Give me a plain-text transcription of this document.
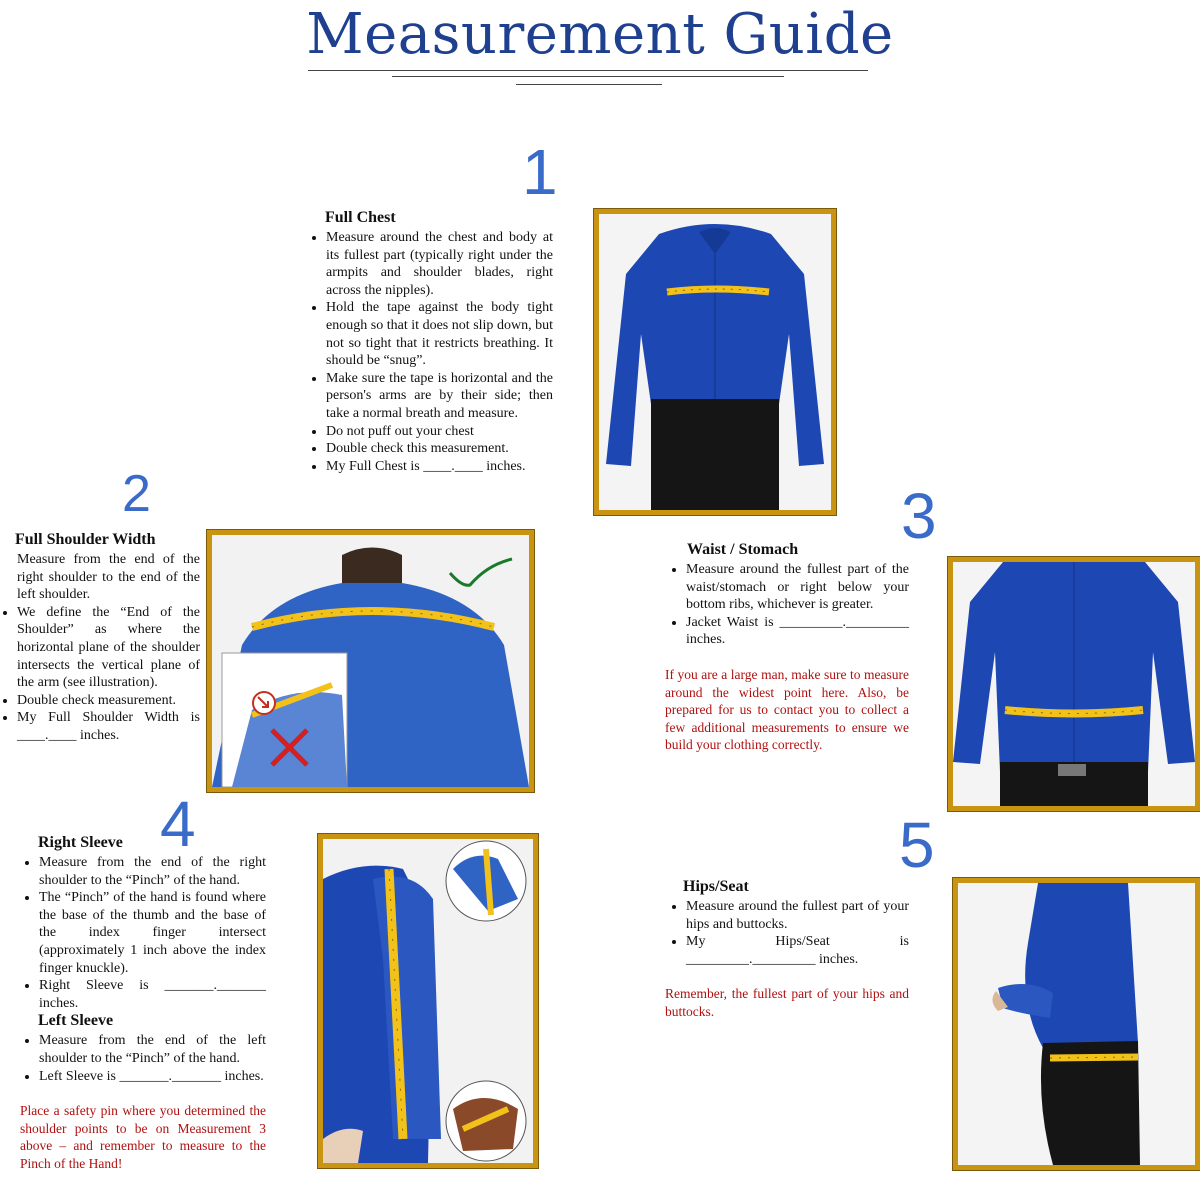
Measurement Guide
1
Full Chest
• Measure around the chest and body at its fullest part (typically right under the armpits and shoulder blades, right across the nipples).
• Hold the tape against the body tight enough so that it does not slip down, but not so tight that it restricts breathing. It should be “snug”.
• Make sure the tape is horizontal and the person's arms are by their side; then take a normal breath and measure.
• Do not puff out your chest
• Double check this measurement.
• My Full Chest is ____.____ inches.
2
Full Shoulder Width
Measure from the end of the right shoulder to the end of the left shoulder.
• We define the “End of the Shoulder” as where the horizontal plane of the shoulder intersects the vertical plane of the arm (see illustration).
• Double check measurement.
• My Full Shoulder Width is ____.____ inches.
3
Waist / Stomach
• Measure around the fullest part of the waist/stomach or right below your bottom ribs, whichever is greater.
• Jacket Waist is _________._________ inches.
If you are a large man, make sure to measure around the widest point here. Also, be prepared for us to contact you to collect a few additional measurements to ensure we build your clothing correctly.
4
Right Sleeve
• Measure from the end of the right shoulder to the “Pinch” of the hand.
• The “Pinch” of the hand is found where the base of the thumb and the base of the index finger intersect (approximately 1 inch above the index finger knuckle).
• Right Sleeve is _______._______ inches.
Left Sleeve
• Measure from the end of the left shoulder to the “Pinch” of the hand.
• Left Sleeve is _______._______ inches.
Place a safety pin where you determined the shoulder points to be on Measurement 3 above – and remember to measure to the Pinch of the Hand!
5
Hips/Seat
• Measure around the fullest part of your hips and buttocks.
• My Hips/Seat is _________._________ inches.
Remember, the fullest part of your hips and buttocks.
